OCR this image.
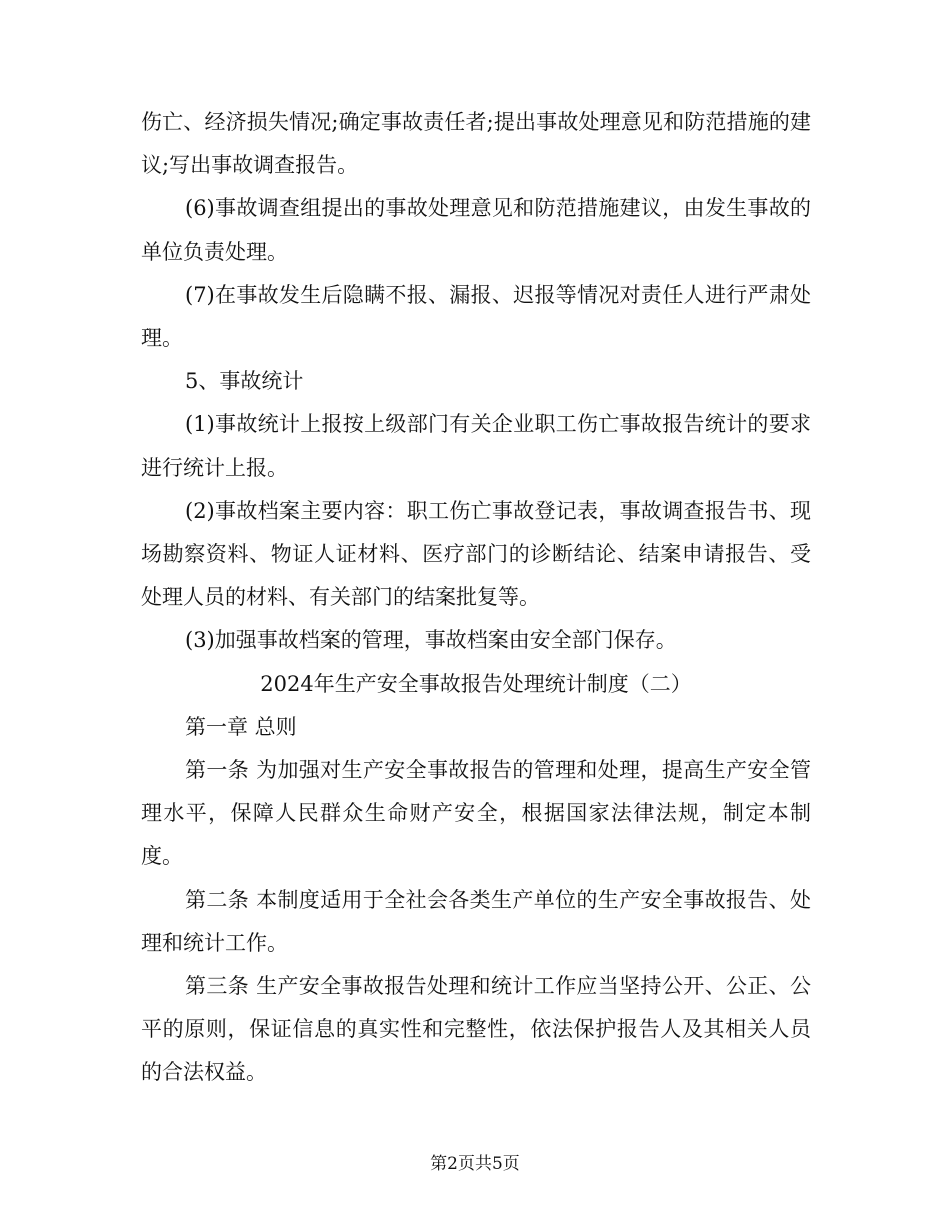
伤亡、经济损失情况;确定事故责任者;提出事故处理意见和防范措施的建议;写出事故调查报告。

(6)事故调查组提出的事故处理意见和防范措施建议，由发生事故的单位负责处理。

(7)在事故发生后隐瞒不报、漏报、迟报等情况对责任人进行严肃处理。

5、事故统计

(1)事故统计上报按上级部门有关企业职工伤亡事故报告统计的要求进行统计上报。

(2)事故档案主要内容：职工伤亡事故登记表，事故调查报告书、现场勘察资料、物证人证材料、医疗部门的诊断结论、结案申请报告、受处理人员的材料、有关部门的结案批复等。

(3)加强事故档案的管理，事故档案由安全部门保存。

2024年生产安全事故报告处理统计制度（二）

第一章 总则

第一条 为加强对生产安全事故报告的管理和处理，提高生产安全管理水平，保障人民群众生命财产安全，根据国家法律法规，制定本制度。

第二条 本制度适用于全社会各类生产单位的生产安全事故报告、处理和统计工作。

第三条 生产安全事故报告处理和统计工作应当坚持公开、公正、公平的原则，保证信息的真实性和完整性，依法保护报告人及其相关人员的合法权益。

第2页共5页
